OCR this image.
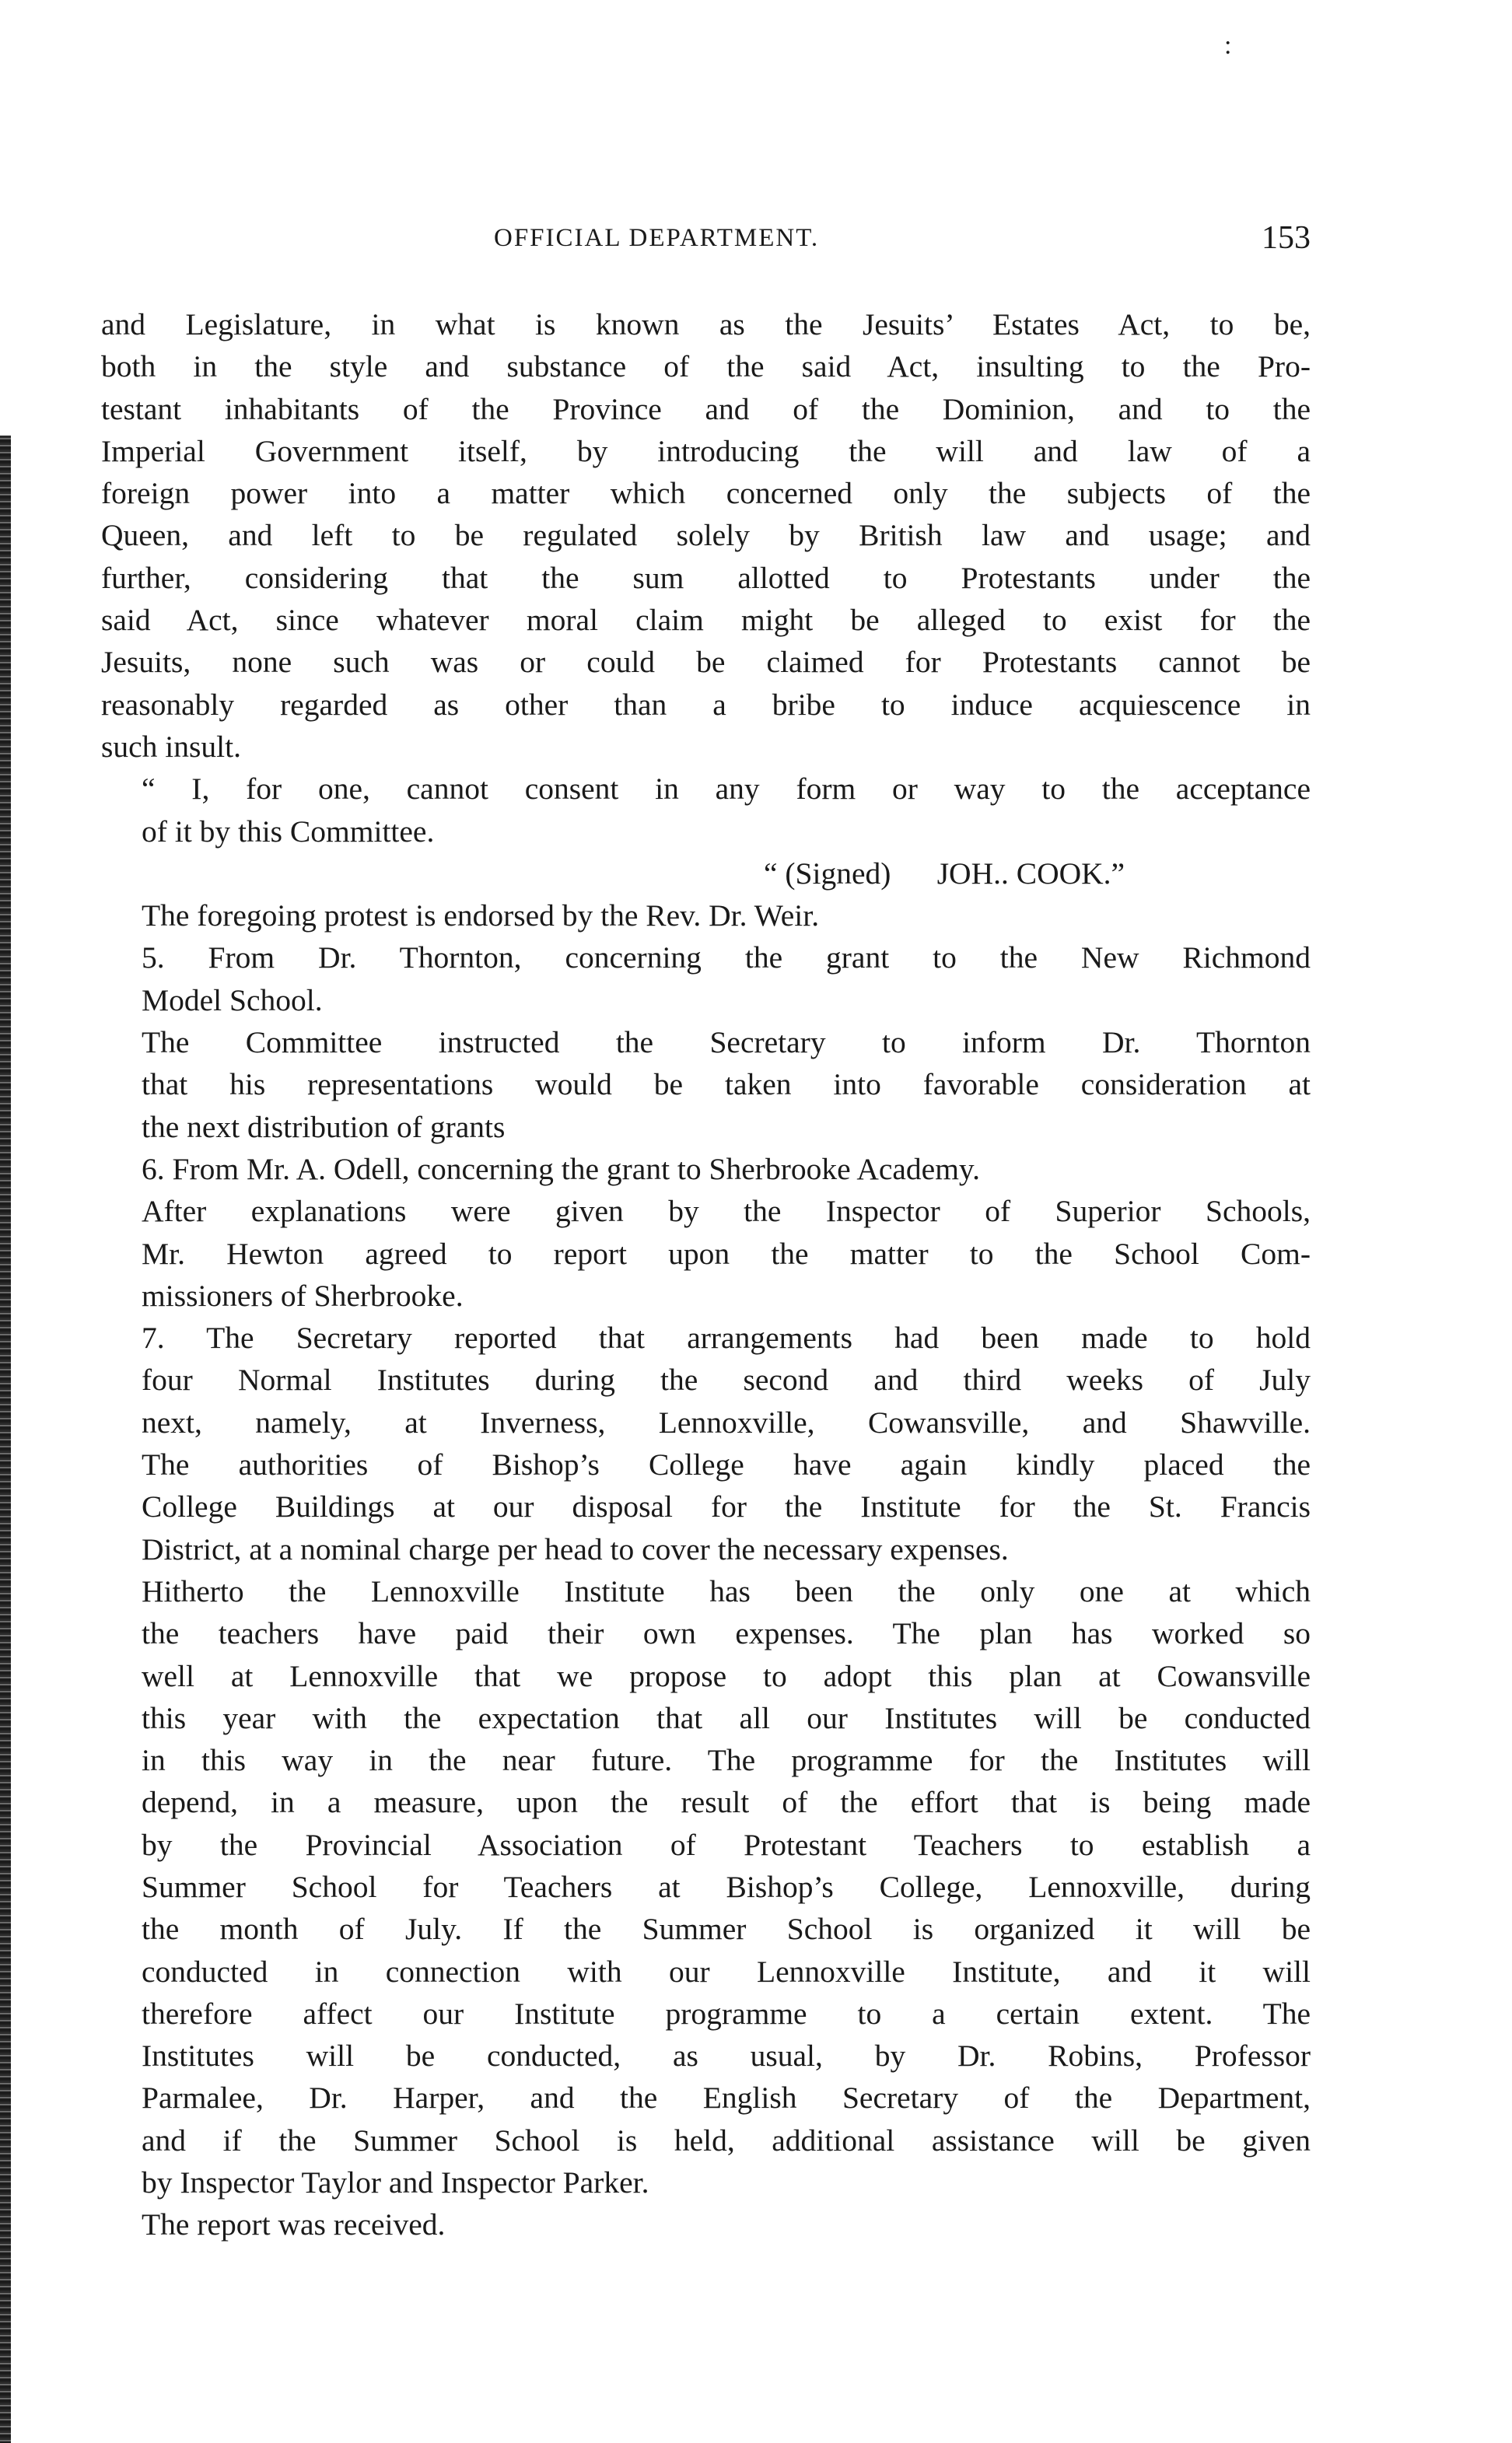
:
OFFICIAL DEPARTMENT.	153

and Legislature, in what is known as the Jesuits’ Estates Act, to be,
both in the style and substance of the said Act, insulting to the Pro-
testant inhabitants of the Province and of the Dominion, and to the
Imperial Government itself, by introducing the will and law of a
foreign power into a matter which concerned only the subjects of the
Queen, and left to be regulated solely by British law and usage; and
further, considering that the sum allotted to Protestants under the
said Act, since whatever moral claim might be alleged to exist for the
Jesuits, none such was or could be claimed for Protestants cannot be
reasonably regarded as other than a bribe to induce acquiescence in
such insult.

“ I, for one, cannot consent in any form or way to the acceptance
of it by this Committee.

“ (Signed)      JOH.. COOK.”

The foregoing protest is endorsed by the Rev. Dr. Weir.

5. From Dr. Thornton, concerning the grant to the New Richmond
Model School.

The Committee instructed the Secretary to inform Dr. Thornton
that his representations would be taken into favorable consideration at
the next distribution of grants

6. From Mr. A. Odell, concerning the grant to Sherbrooke Academy.

After explanations were given by the Inspector of Superior Schools,
Mr. Hewton agreed to report upon the matter to the School Com-
missioners of Sherbrooke.

7. The Secretary reported that arrangements had been made to hold
four Normal Institutes during the second and third weeks of July
next, namely, at Inverness, Lennoxville, Cowansville, and Shawville.
The authorities of Bishop’s College have again kindly placed the
College Buildings at our disposal for the Institute for the St. Francis
District, at a nominal charge per head to cover the necessary expenses.

Hitherto the Lennoxville Institute has been the only one at which
the teachers have paid their own expenses. The plan has worked so
well at Lennoxville that we propose to adopt this plan at Cowansville
this year with the expectation that all our Institutes will be conducted
in this way in the near future. The programme for the Institutes will
depend, in a measure, upon the result of the effort that is being made
by the Provincial Association of Protestant Teachers to establish a
Summer School for Teachers at Bishop’s College, Lennoxville, during
the month of July. If the Summer School is organized it will be
conducted in connection with our Lennoxville Institute, and it will
therefore affect our Institute programme to a certain extent. The
Institutes will be conducted, as usual, by Dr. Robins, Professor
Parmalee, Dr. Harper, and the English Secretary of the Department,
and if the Summer School is held, additional assistance will be given
by Inspector Taylor and Inspector Parker.

The report was received.
